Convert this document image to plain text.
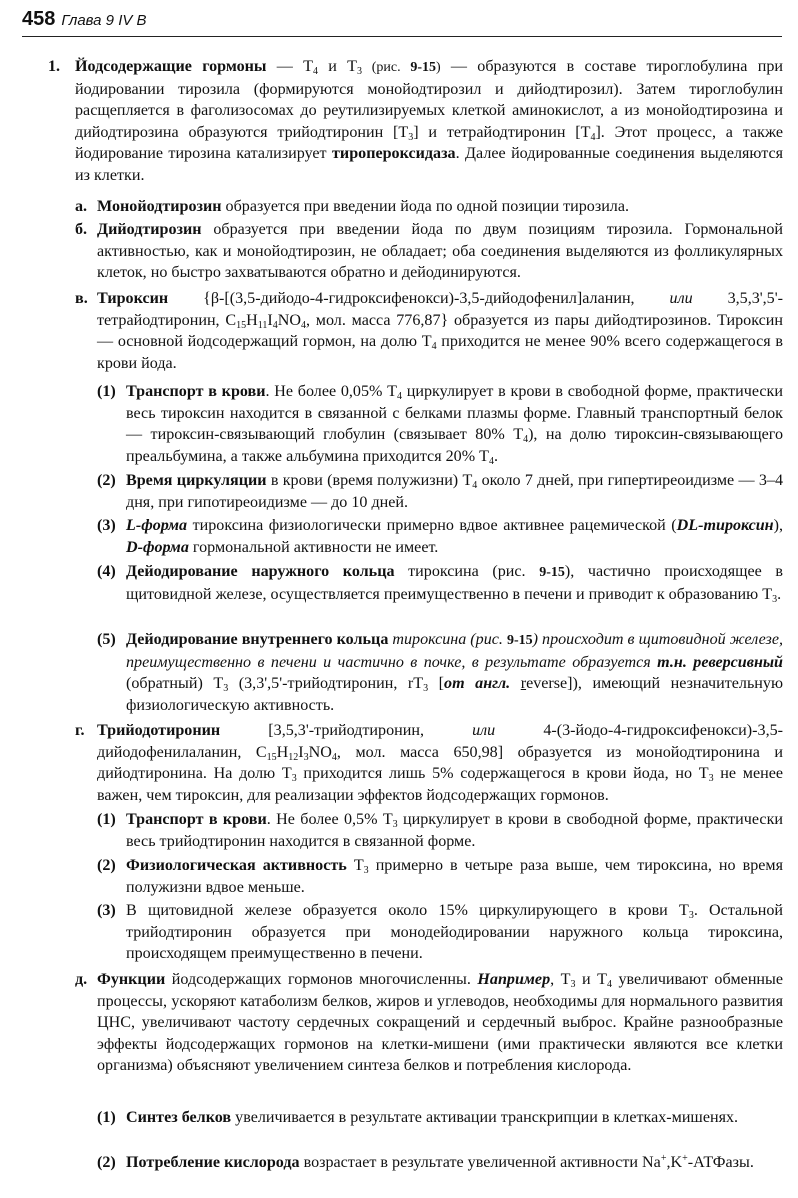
458 Глава 9 IV B
1. Йодсодержащие гормоны — $T_4$ и $T_3$ (рис. 9-15) — образуются в составе тироглобулина при йодировании тирозила (формируются монойодтирозил и дийодтирозил). Затем тироглобулин расщепляется в фаголизосомах до реутилизируемых клеткой аминокислот, а из монойодтирозина и дийодтирозина образуются трийодтиронин $[T_3]$ и тетрайодтиронин $[T_4]$. Этот процесс, а также йодирование тирозина катализирует тиропероксидаза. Далее йодированные соединения выделяются из клетки.
а. Монойодтирозин образуется при введении йода по одной позиции тирозила.
б. Дийодтирозин образуется при введении йода по двум позициям тирозила. Гормональной активностью, как и монойодтирозин, не обладает; оба соединения выделяются из фолликулярных клеток, но быстро захватываются обратно и дейодинируются.
в. Тироксин {β-[(3,5-дийодо-4-гидроксифенокси)-3,5-дийодофенил]аланин, или 3,5,3',5'-тетрайодтиронин, $C_{15}H_{11}I_4NO_4$, мол. масса 776,87} образуется из пары дийодтирозинов. Тироксин — основной йодсодержащий гормон, на долю $T_4$ приходится не менее 90% всего содержащегося в крови йода.
(1) Транспорт в крови. Не более 0,05% $T_4$ циркулирует в крови в свободной форме, практически весь тироксин находится в связанной с белками плазмы форме. Главный транспортный белок — тироксин-связывающий глобулин (связывает 80% $T_4$), на долю тироксин-связывающего преальбумина, а также альбумина приходится 20% $T_4$.
(2) Время циркуляции в крови (время полужизни) $T_4$ около 7 дней, при гипертиреоидизме — 3–4 дня, при гипотиреоидизме — до 10 дней.
(3) L-форма тироксина физиологически примерно вдвое активнее рацемической (DL-тироксин), D-форма гормональной активности не имеет.
(4) Дейодирование наружного кольца тироксина (рис. 9-15), частично происходящее в щитовидной железе, осуществляется преимущественно в печени и приводит к образованию $T_3$.
(5) Дейодирование внутреннего кольца тироксина (рис. 9-15) происходит в щитовидной железе, преимущественно в печени и частично в почке, в результате образуется т.н. реверсивный (обратный) $T_3$ (3,3',5'-трийодтиронин, $rT_3$ [от англ. reverse]), имеющий незначительную физиологическую активность.
г. Трийодотиронин [3,5,3'-трийодтиронин, или 4-(3-йодо-4-гидроксифенокси)-3,5-дийодофенилаланин, $C_{15}H_{12}I_3NO_4$, мол. масса 650,98] образуется из монойодтиронина и дийодтиронина. На долю $T_3$ приходится лишь 5% содержащегося в крови йода, но $T_3$ не менее важен, чем тироксин, для реализации эффектов йодсодержащих гормонов.
(1) Транспорт в крови. Не более 0,5% $T_3$ циркулирует в крови в свободной форме, практически весь трийодтиронин находится в связанной форме.
(2) Физиологическая активность $T_3$ примерно в четыре раза выше, чем тироксина, но время полужизни вдвое меньше.
(3) В щитовидной железе образуется около 15% циркулирующего в крови $T_3$. Остальной трийодтиронин образуется при монодейодировании наружного кольца тироксина, происходящем преимущественно в печени.
д. Функции йодсодержащих гормонов многочисленны. Например, $T_3$ и $T_4$ увеличивают обменные процессы, ускоряют катаболизм белков, жиров и углеводов, необходимы для нормального развития ЦНС, увеличивают частоту сердечных сокращений и сердечный выброс. Крайне разнообразные эффекты йодсодержащих гормонов на клетки-мишени (ими практически являются все клетки организма) объясняют увеличением синтеза белков и потребления кислорода.
(1) Синтез белков увеличивается в результате активации транскрипции в клетках-мишенях.
(2) Потребление кислорода возрастает в результате увеличенной активности Na+,K+-АТФазы.
